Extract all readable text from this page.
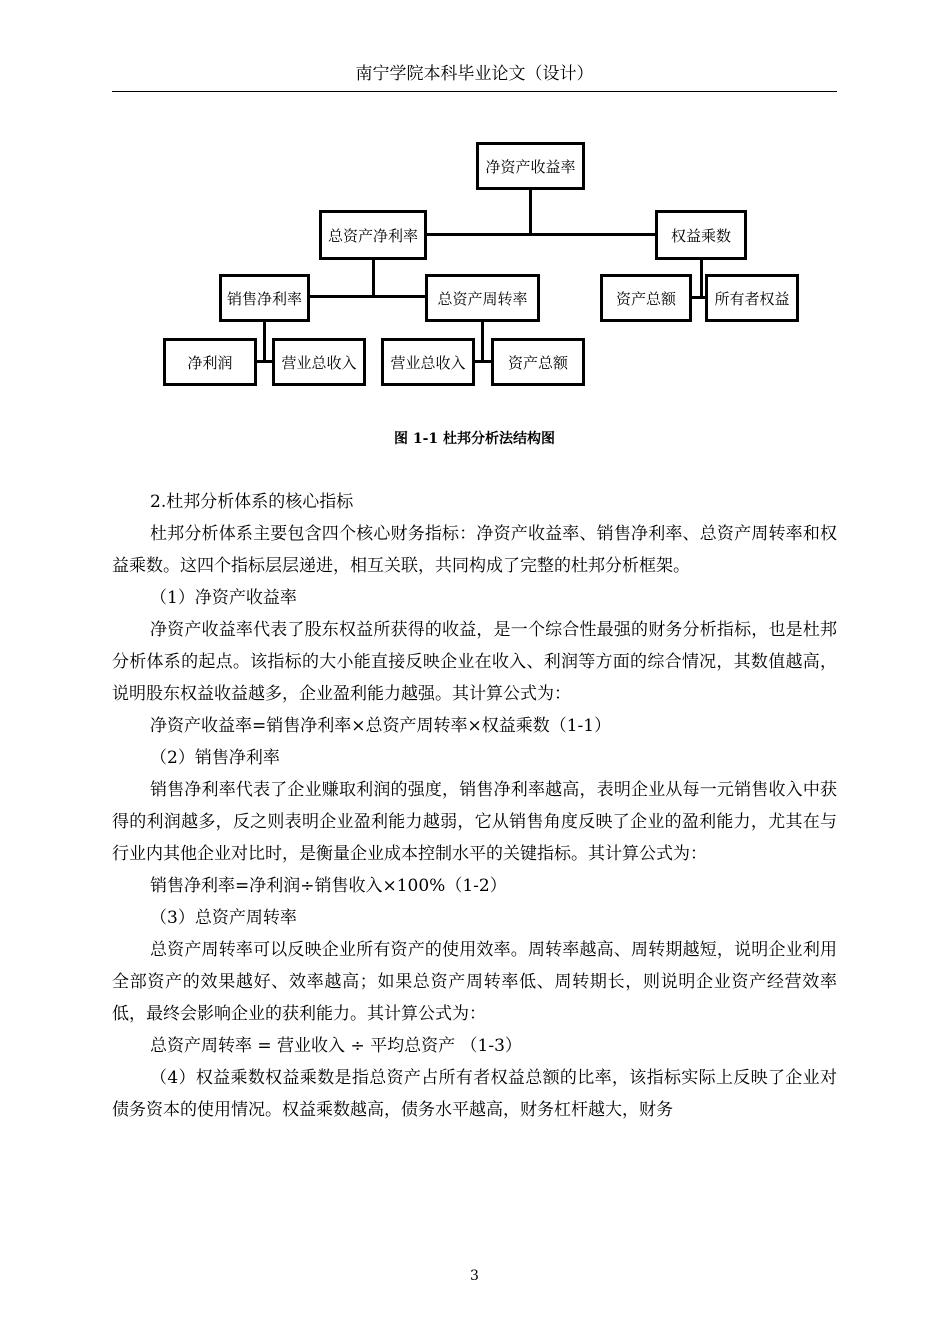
南宁学院本科毕业论文（设计）
净资产收益率
总资产净利率	权益乘数
销售净利率	总资产周转率	资产总额	所有者权益
净利润	营业总收入	营业总收入	资产总额
图 1-1 杜邦分析法结构图

2.杜邦分析体系的核心指标

杜邦分析体系主要包含四个核心财务指标：净资产收益率、销售净利率、总资产周转率和权益乘数。这四个指标层层递进，相互关联，共同构成了完整的杜邦分析框架。

（1）净资产收益率

净资产收益率代表了股东权益所获得的收益，是一个综合性最强的财务分析指标，也是杜邦分析体系的起点。该指标的大小能直接反映企业在收入、利润等方面的综合情况，其数值越高，说明股东权益收益越多，企业盈利能力越强。其计算公式为：

净资产收益率=销售净利率×总资产周转率×权益乘数（1-1）

（2）销售净利率

销售净利率代表了企业赚取利润的强度，销售净利率越高，表明企业从每一元销售收入中获得的利润越多，反之则表明企业盈利能力越弱，它从销售角度反映了企业的盈利能力，尤其在与行业内其他企业对比时，是衡量企业成本控制水平的关键指标。其计算公式为：

销售净利率=净利润÷销售收入×100%（1-2）

（3）总资产周转率

总资产周转率可以反映企业所有资产的使用效率。周转率越高、周转期越短，说明企业利用全部资产的效果越好、效率越高；如果总资产周转率低、周转期长，则说明企业资产经营效率低，最终会影响企业的获利能力。其计算公式为：

总资产周转率 = 营业收入 ÷ 平均总资产 （1-3）

（4）权益乘数权益乘数是指总资产占所有者权益总额的比率，该指标实际上反映了企业对债务资本的使用情况。权益乘数越高，债务水平越高，财务杠杆越大，财务

3
